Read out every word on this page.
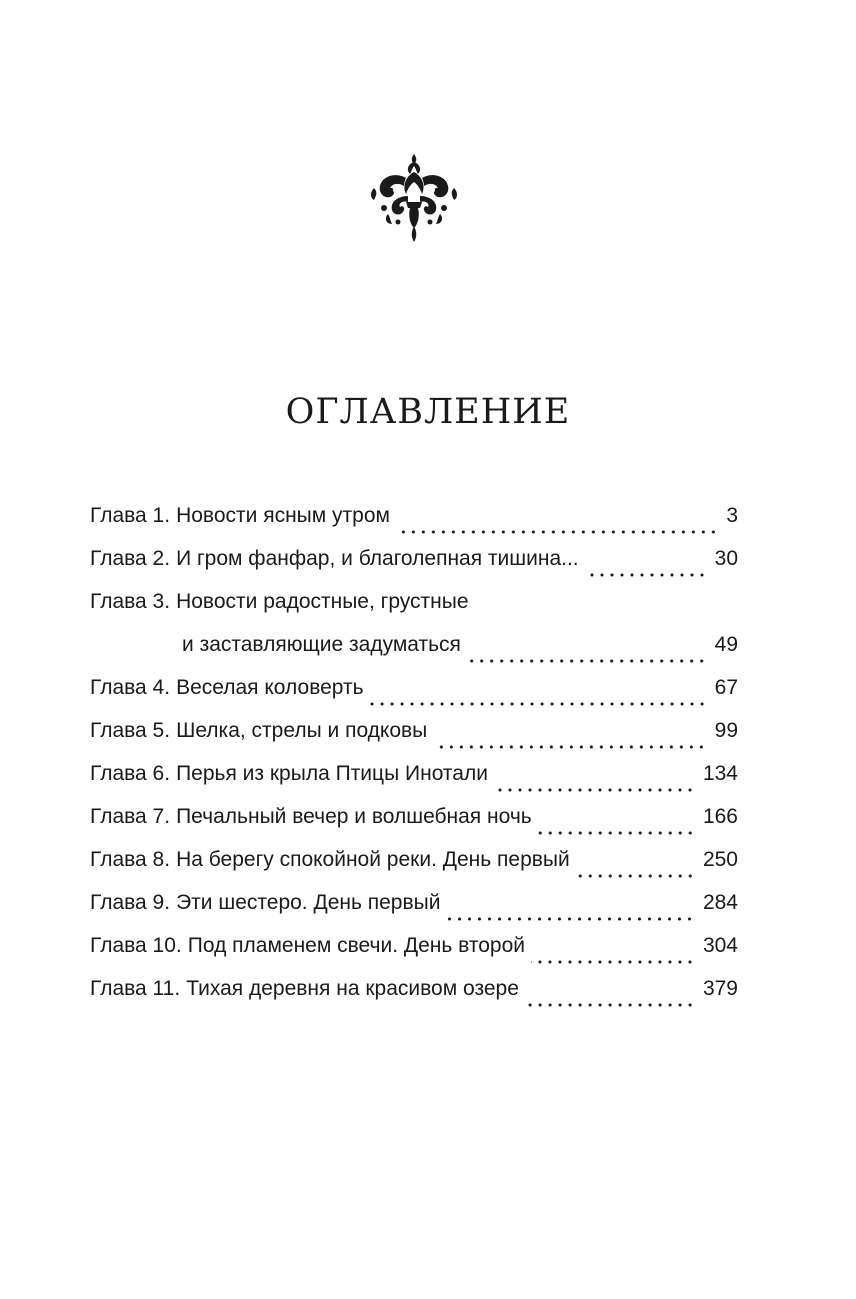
ОГЛАВЛЕНИЕ
Глава 1. Новости ясным утром	3
Глава 2. И гром фанфар, и благолепная тишина...	30
Глава 3. Новости радостные, грустные
и заставляющие задуматься	49
Глава 4. Веселая коловерть	67
Глава 5. Шелка, стрелы и подковы	99
Глава 6. Перья из крыла Птицы Инотали	134
Глава 7. Печальный вечер и волшебная ночь	166
Глава 8. На берегу спокойной реки. День первый	250
Глава 9. Эти шестеро. День первый	284
Глава 10. Под пламенем свечи. День второй	304
Глава 11. Тихая деревня на красивом озере	379
